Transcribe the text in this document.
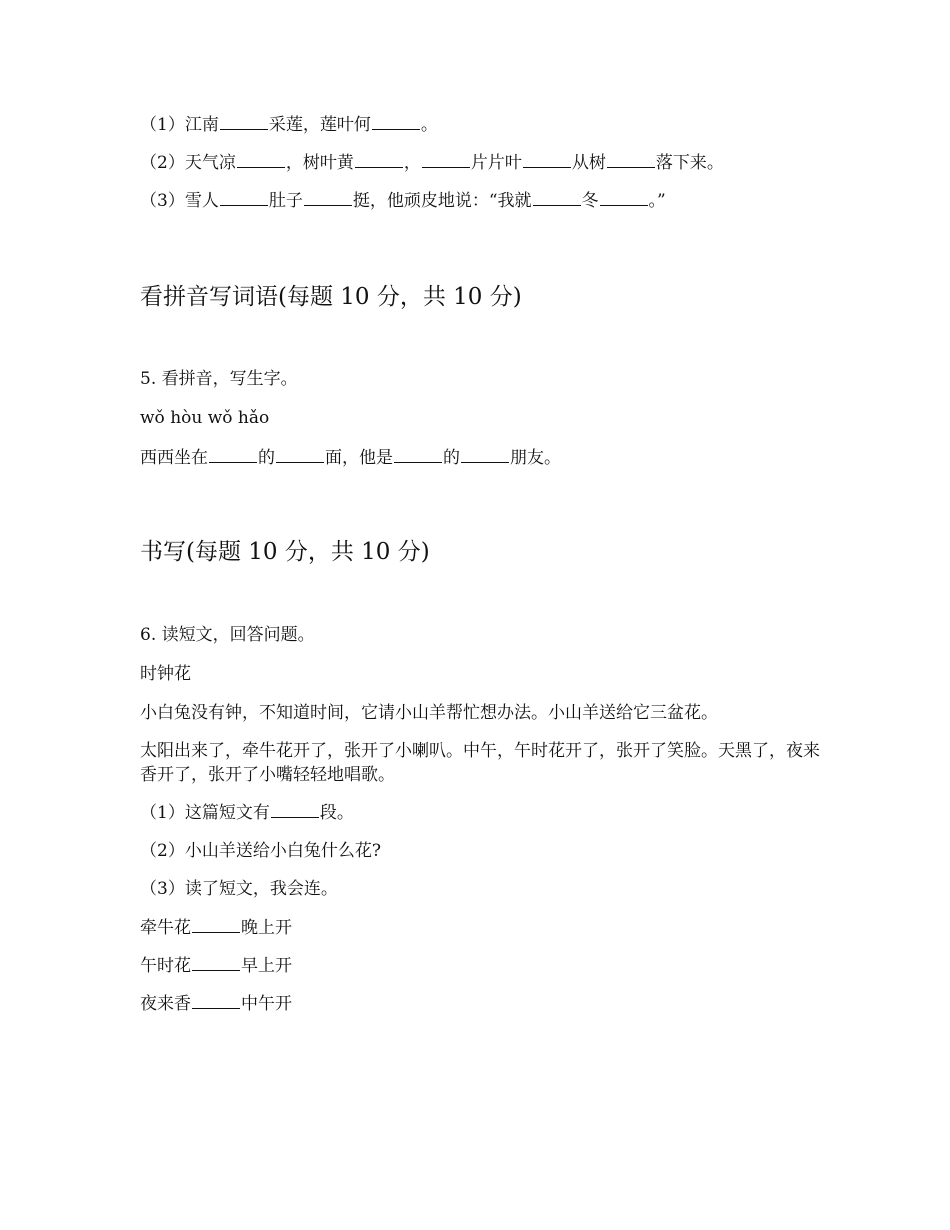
（1）江南	采莲，莲叶何	。

（2）天气凉	，树叶黄	，	片片叶	从树	落下来。

（3）雪人	肚子	挺，他顽皮地说：“我就	冬	。”

看拼音写词语(每题 10 分，共 10 分)

5. 看拼音，写生字。

wǒ hòu wǒ hǎo

西西坐在	的	面，他是	的	朋友。

书写(每题 10 分，共 10 分)

6. 读短文，回答问题。

时钟花

小白兔没有钟，不知道时间，它请小山羊帮忙想办法。小山羊送给它三盆花。

太阳出来了，牵牛花开了，张开了小喇叭。中午，午时花开了，张开了笑脸。天黑了，夜来香开了，张开了小嘴轻轻地唱歌。

（1）这篇短文有	段。

（2）小山羊送给小白兔什么花?

（3）读了短文，我会连。

牵牛花	晚上开

午时花	早上开

夜来香	中午开
